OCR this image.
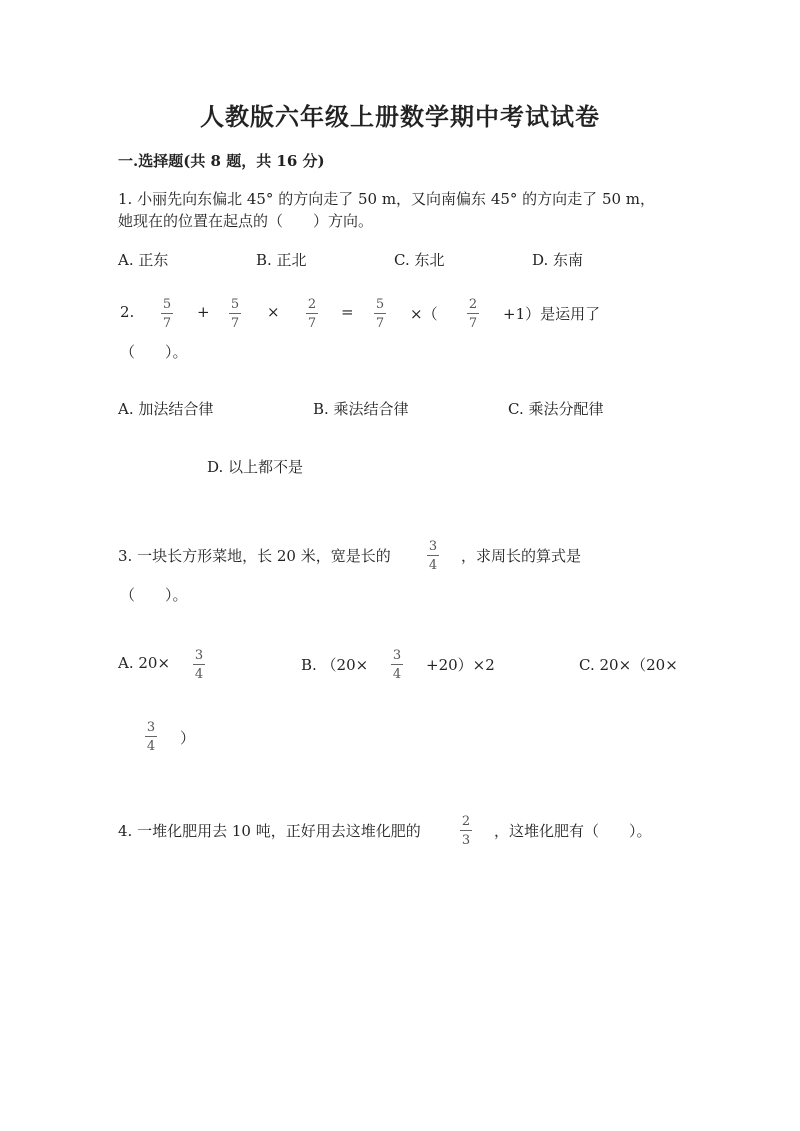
人教版六年级上册数学期中考试试卷
一.选择题(共 8 题，共 16 分)
1. 小丽先向东偏北 45° 的方向走了 50 m，又向南偏东 45° 的方向走了 50 m，
她现在的位置在起点的（　　）方向。
A. 正东	B. 正北	C. 东北	D. 东南
2.	5
7
+	5
7
×	2
7
=	5
7
×（
2
7
+1）是运用了
（　　）。
A. 加法结合律	B. 乘法结合律	C. 乘法分配律
D. 以上都不是
3. 一块长方形菜地，长 20 米，宽是长的
3
4
，求周长的算式是
（　　）。
A. 20×	3
4
B. （20×
3
4
+20）×2	C. 20×（20×
3
4	）
4. 一堆化肥用去 10 吨，正好用去这堆化肥的
2
3
，这堆化肥有（　　）。
